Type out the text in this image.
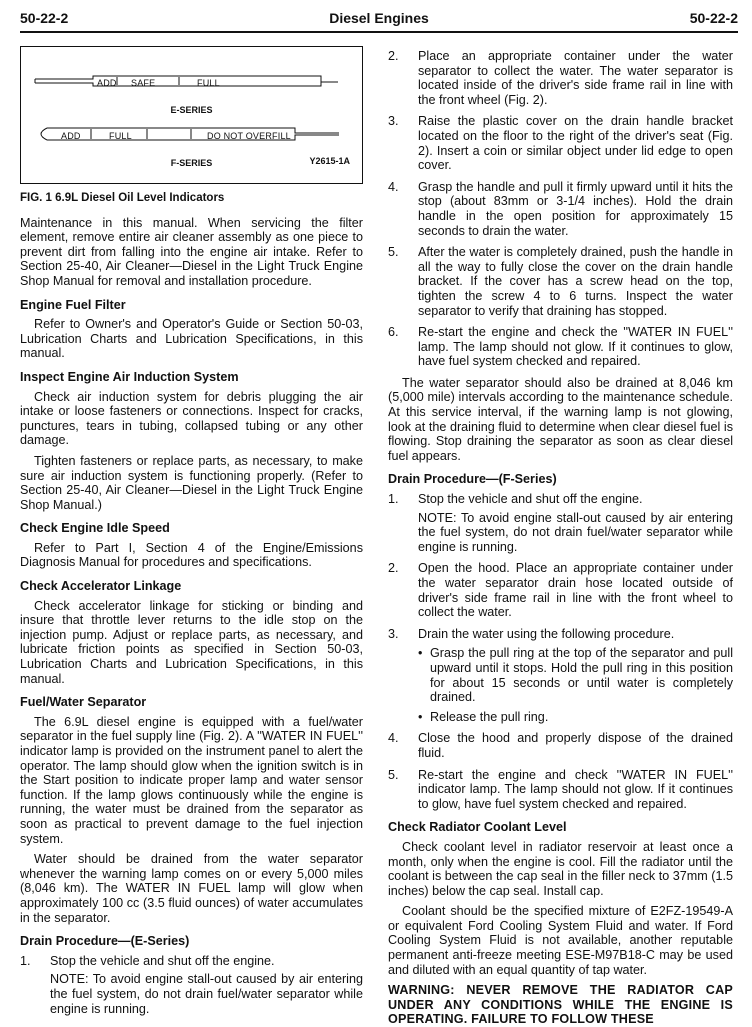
50-22-2	Diesel Engines	50-22-2
ADD SAFE	FULL
E-SERIES
ADD	FULL	DO NOT OVERFILL
F-SERIES	Y2615-1A
FIG. 1 6.9L Diesel Oil Level Indicators

Maintenance in this manual. When servicing the filter element, remove entire air cleaner assembly as one piece to prevent dirt from falling into the engine air intake. Refer to Section 25-40, Air Cleaner—Diesel in the Light Truck Engine Shop Manual for removal and installation procedure.

Engine Fuel Filter

Refer to Owner's and Operator's Guide or Section 50-03, Lubrication Charts and Lubrication Specifications, in this manual.

Inspect Engine Air Induction System

Check air induction system for debris plugging the air intake or loose fasteners or connections. Inspect for cracks, punctures, tears in tubing, collapsed tubing or any other damage.

Tighten fasteners or replace parts, as necessary, to make sure air induction system is functioning properly. (Refer to Section 25-40, Air Cleaner—Diesel in the Light Truck Engine Shop Manual.)

Check Engine Idle Speed

Refer to Part I, Section 4 of the Engine/Emissions Diagnosis Manual for procedures and specifications.

Check Accelerator Linkage

Check accelerator linkage for sticking or binding and insure that throttle lever returns to the idle stop on the injection pump. Adjust or replace parts, as necessary, and lubricate friction points as specified in Section 50-03, Lubrication Charts and Lubrication Specifications, in this manual.

Fuel/Water Separator

The 6.9L diesel engine is equipped with a fuel/water separator in the fuel supply line (Fig. 2). A ''WATER IN FUEL'' indicator lamp is provided on the instrument panel to alert the operator. The lamp should glow when the ignition switch is in the Start position to indicate proper lamp and water sensor function. If the lamp glows continuously while the engine is running, the water must be drained from the separator as soon as practical to prevent damage to the fuel injection system.

Water should be drained from the water separator whenever the warning lamp comes on or every 5,000 miles (8,046 km). The WATER IN FUEL lamp will glow when approximately 100 cc (3.5 fluid ounces) of water accumulates in the separator.

Drain Procedure—(E-Series)
1. Stop the vehicle and shut off the engine.
NOTE: To avoid engine stall-out caused by air entering the fuel system, do not drain fuel/water separator while engine is running.
2. Place an appropriate container under the water separator to collect the water. The water separator is located inside of the driver's side frame rail in line with the front wheel (Fig. 2).
3. Raise the plastic cover on the drain handle bracket located on the floor to the right of the driver's seat (Fig. 2). Insert a coin or similar object under lid edge to open cover.
4. Grasp the handle and pull it firmly upward until it hits the stop (about 83mm or 3-1/4 inches). Hold the drain handle in the open position for approximately 15 seconds to drain the water.
5. After the water is completely drained, push the handle in all the way to fully close the cover on the drain handle bracket. If the cover has a screw head on the top, tighten the screw 4 to 6 turns. Inspect the water separator to verify that draining has stopped.
6. Re-start the engine and check the ''WATER IN FUEL'' lamp. The lamp should not glow. If it continues to glow, have fuel system checked and repaired.

The water separator should also be drained at 8,046 km (5,000 mile) intervals according to the maintenance schedule. At this service interval, if the warning lamp is not glowing, look at the draining fluid to determine when clear diesel fuel is flowing. Stop draining the separator as soon as clear diesel fuel appears.

Drain Procedure—(F-Series)
1. Stop the vehicle and shut off the engine.
NOTE: To avoid engine stall-out caused by air entering the fuel system, do not drain fuel/water separator while engine is running.
2. Open the hood. Place an appropriate container under the water separator drain hose located outside of driver's side frame rail in line with the front wheel to collect the water.
3. Drain the water using the following procedure.
• Grasp the pull ring at the top of the separator and pull upward until it stops. Hold the pull ring in this position for about 15 seconds or until water is completely drained.
• Release the pull ring.
4. Close the hood and properly dispose of the drained fluid.
5. Re-start the engine and check ''WATER IN FUEL'' indicator lamp. The lamp should not glow. If it continues to glow, have fuel system checked and repaired.
Check Radiator Coolant Level

Check coolant level in radiator reservoir at least once a month, only when the engine is cool. Fill the radiator until the coolant is between the cap seal in the filler neck to 37mm (1.5 inches) below the cap seal. Install cap.

Coolant should be the specified mixture of E2FZ-19549-A or equivalent Ford Cooling System Fluid and water. If Ford Cooling System Fluid is not available, another reputable permanent anti-freeze meeting ESE-M97B18-C may be used and diluted with an equal quantity of tap water.

WARNING: NEVER REMOVE THE RADIATOR CAP UNDER ANY CONDITIONS WHILE THE ENGINE IS OPERATING. FAILURE TO FOLLOW THESE
